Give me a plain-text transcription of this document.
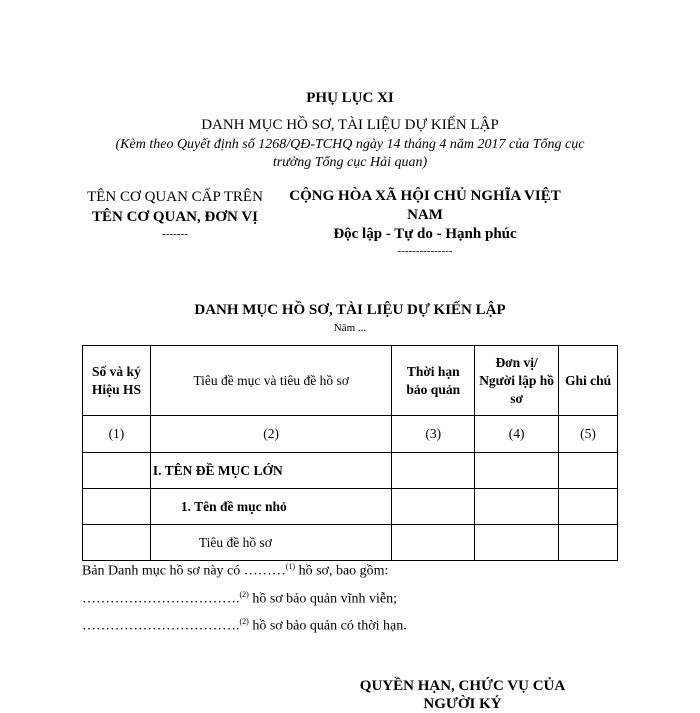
PHỤ LỤC XI
DANH MỤC HỒ SƠ, TÀI LIỆU DỰ KIẾN LẬP
(Kèm theo Quyết định số 1268/QĐ-TCHQ ngày 14 tháng 4 năm 2017 của Tổng cục trưởng Tổng cục Hải quan)
TÊN CƠ QUAN CẤP TRÊN
TÊN CƠ QUAN, ĐƠN VỊ
-------
CỘNG HÒA XÃ HỘI CHỦ NGHĨA VIỆT NAM
Độc lập - Tự do - Hạnh phúc
---------------
DANH MỤC HỒ SƠ, TÀI LIỆU DỰ KIẾN LẬP
Năm ...
Số và ký Hiệu HS	Tiêu đề mục và tiêu đề hồ sơ	Thời hạn bảo quản	Đơn vị/ Người lập hồ sơ	Ghi chú
(1)	(2)	(3)	(4)	(5)
	I. TÊN ĐỀ MỤC LỚN			
	1. Tên đề mục nhỏ			
	Tiêu đề hồ sơ			
Bản Danh mục hồ sơ này có ………$^{(1)}$ hồ sơ, bao gồm:
…………………………….$^{(2)}$ hồ sơ bảo quản vĩnh viễn;
…………………………….$^{(2)}$ hồ sơ bảo quản có thời hạn.
QUYỀN HẠN, CHỨC VỤ CỦA NGƯỜI KÝ
